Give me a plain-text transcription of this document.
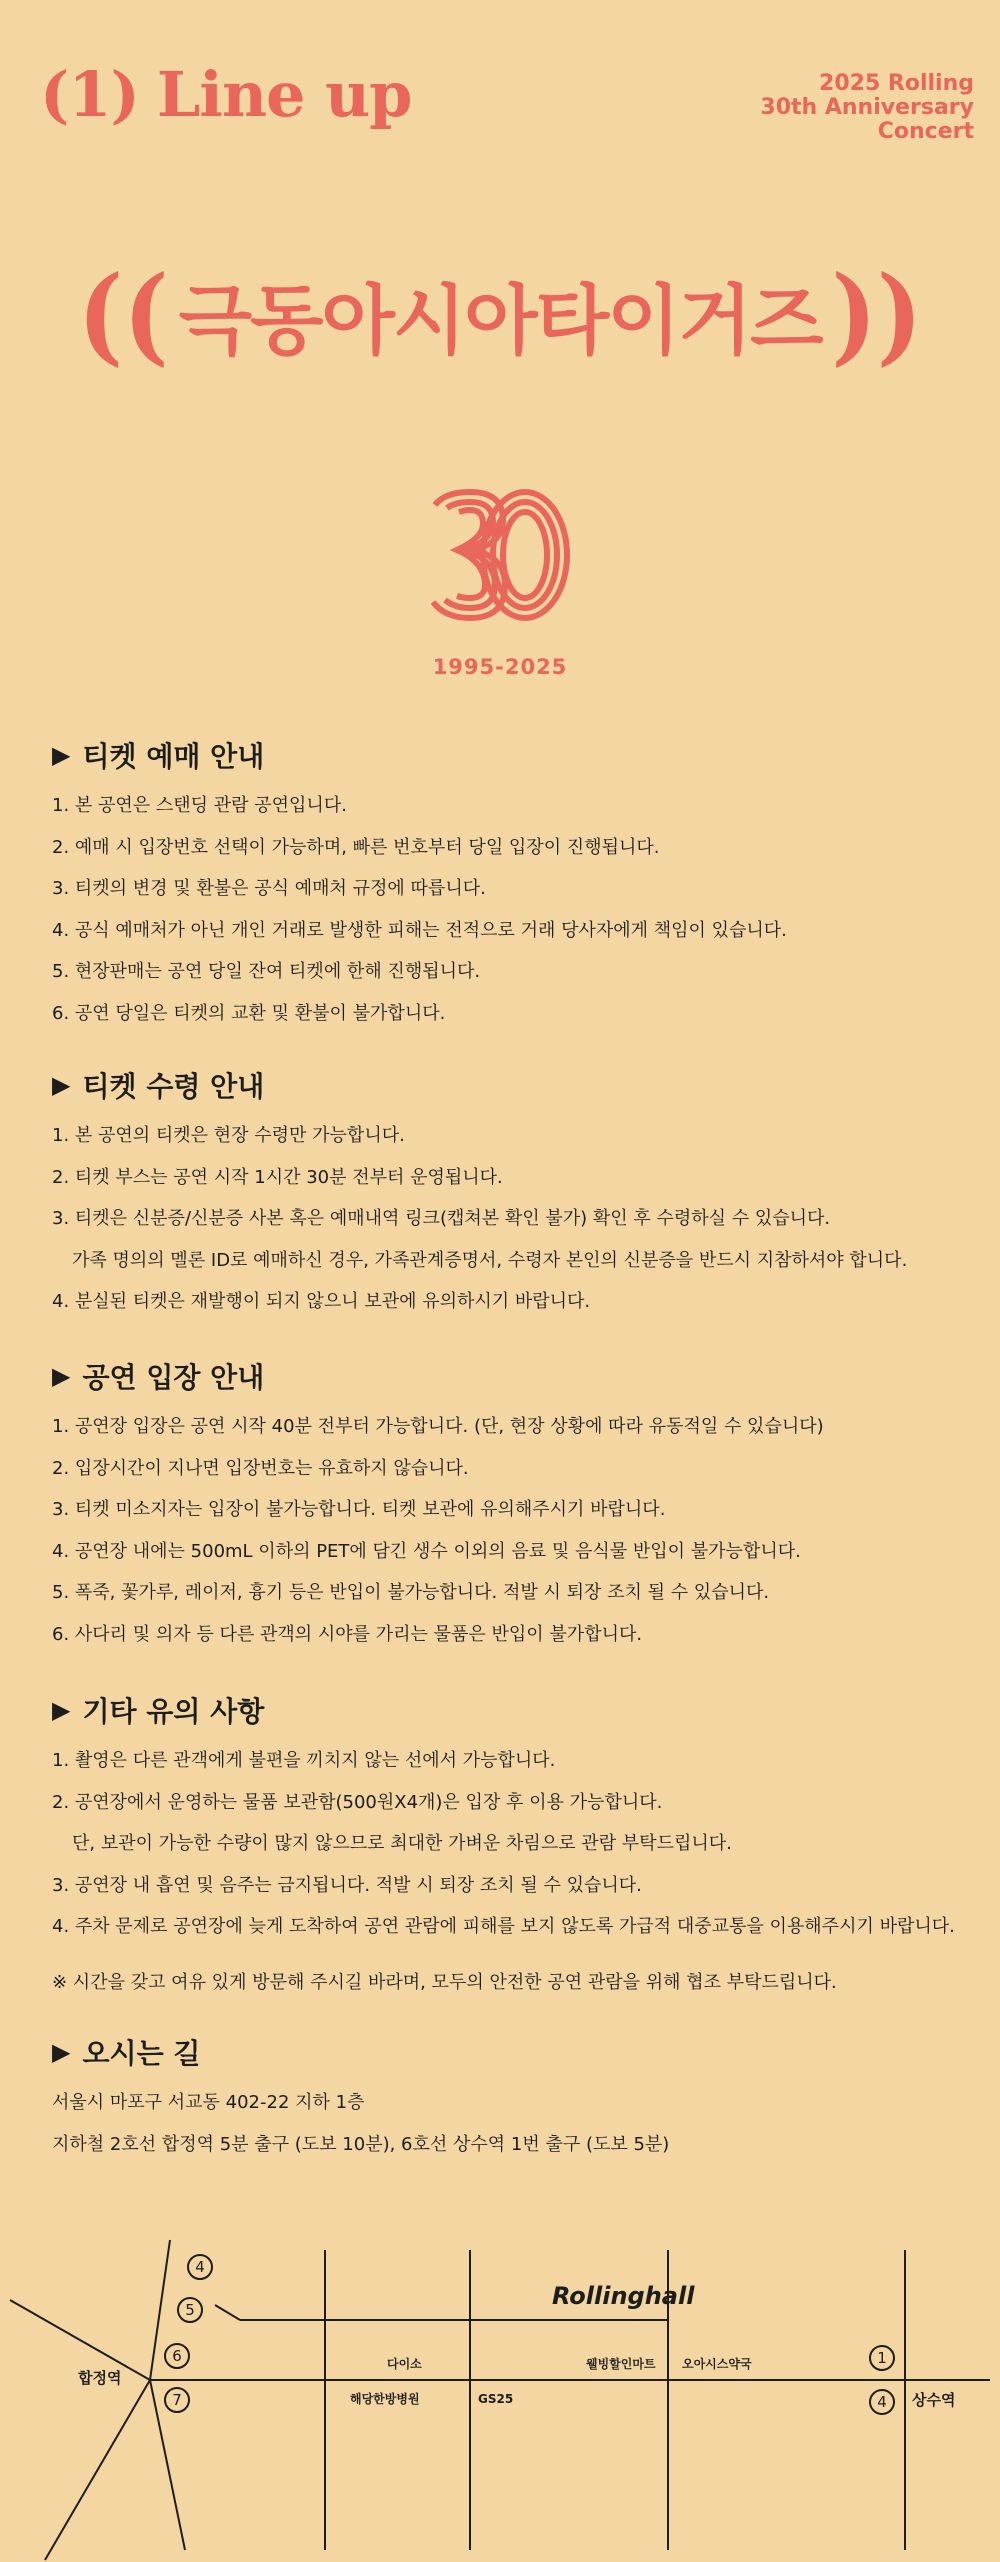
(1) Line up	2025 Rolling
30th Anniversary
Concert
(( 극동아시아타이거즈 ))
1995-2025
▶ 티켓 예매 안내
1. 본 공연은 스탠딩 관람 공연입니다.
2. 예매 시 입장번호 선택이 가능하며, 빠른 번호부터 당일 입장이 진행됩니다.
3. 티켓의 변경 및 환불은 공식 예매처 규정에 따릅니다.
4. 공식 예매처가 아닌 개인 거래로 발생한 피해는 전적으로 거래 당사자에게 책임이 있습니다.
5. 현장판매는 공연 당일 잔여 티켓에 한해 진행됩니다.
6. 공연 당일은 티켓의 교환 및 환불이 불가합니다.
▶ 티켓 수령 안내
1. 본 공연의 티켓은 현장 수령만 가능합니다.
2. 티켓 부스는 공연 시작 1시간 30분 전부터 운영됩니다.
3. 티켓은 신분증/신분증 사본 혹은 예매내역 링크(캡쳐본 확인 불가) 확인 후 수령하실 수 있습니다.
가족 명의의 멜론 ID로 예매하신 경우, 가족관계증명서, 수령자 본인의 신분증을 반드시 지참하셔야 합니다.
4. 분실된 티켓은 재발행이 되지 않으니 보관에 유의하시기 바랍니다.
▶ 공연 입장 안내
1. 공연장 입장은 공연 시작 40분 전부터 가능합니다. (단, 현장 상황에 따라 유동적일 수 있습니다)
2. 입장시간이 지나면 입장번호는 유효하지 않습니다.
3. 티켓 미소지자는 입장이 불가능합니다. 티켓 보관에 유의해주시기 바랍니다.
4. 공연장 내에는 500mL 이하의 PET에 담긴 생수 이외의 음료 및 음식물 반입이 불가능합니다.
5. 폭죽, 꽃가루, 레이저, 흉기 등은 반입이 불가능합니다. 적발 시 퇴장 조치 될 수 있습니다.
6. 사다리 및 의자 등 다른 관객의 시야를 가리는 물품은 반입이 불가합니다.
▶ 기타 유의 사항
1. 촬영은 다른 관객에게 불편을 끼치지 않는 선에서 가능합니다.
2. 공연장에서 운영하는 물품 보관함(500원X4개)은 입장 후 이용 가능합니다.
단, 보관이 가능한 수량이 많지 않으므로 최대한 가벼운 차림으로 관람 부탁드립니다.
3. 공연장 내 흡연 및 음주는 금지됩니다. 적발 시 퇴장 조치 될 수 있습니다.
4. 주차 문제로 공연장에 늦게 도착하여 공연 관람에 피해를 보지 않도록 가급적 대중교통을 이용해주시기 바랍니다.
※ 시간을 갖고 여유 있게 방문해 주시길 바라며, 모두의 안전한 공연 관람을 위해 협조 부탁드립니다.
▶ 오시는 길
서울시 마포구 서교동 402-22 지하 1층
지하철 2호선 합정역 5분 출구 (도보 10분), 6호선 상수역 1번 출구 (도보 5분)
4
5
6
7
1
4
Rollinghall
합정역
상수역
다이소
해당한방병원	GS25
웰빙할인마트 오아시스약국
